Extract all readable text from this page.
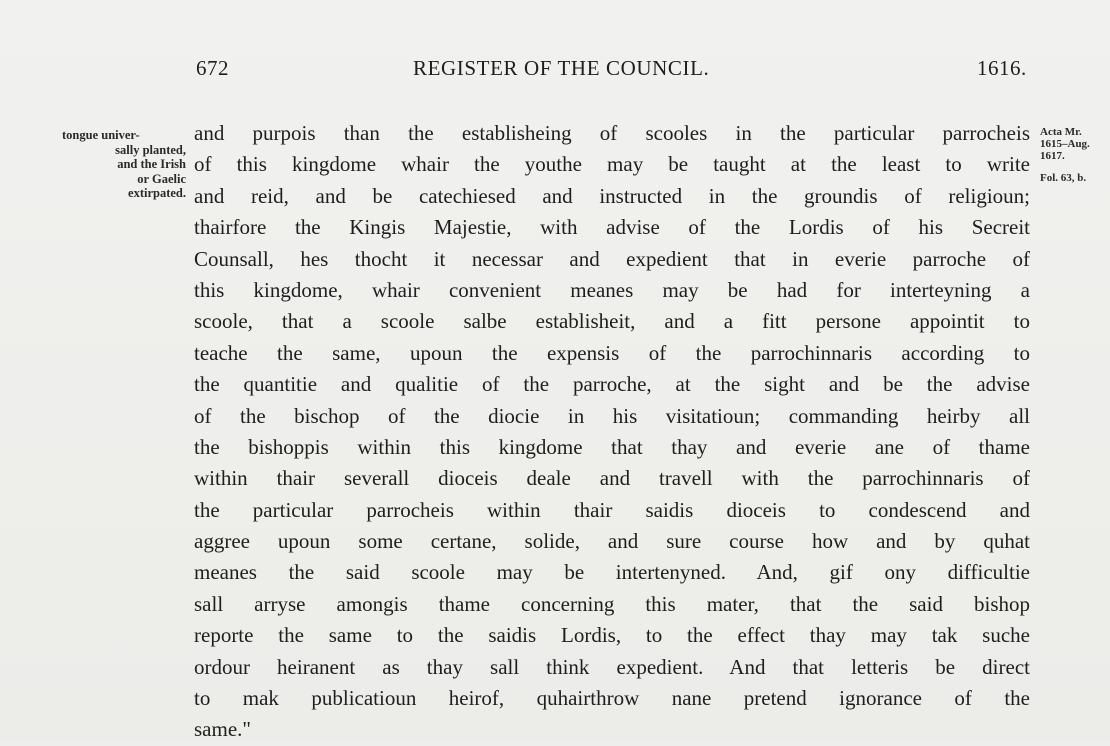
672	REGISTER OF THE COUNCIL.	1616.
tongue univer-
sally planted,
and the Irish
or Gaelic
extirpated.
Acta Mr.
1615–Aug.
1617.
Fol. 63, b.
and purpois than the establisheing of scooles in the particular parrocheis
of this kingdome whair the youthe may be taught at the least to write
and reid, and be catechiesed and instructed in the groundis of religioun;
thairfore the Kingis Majestie, with advise of the Lordis of his Secreit
Counsall, hes thocht it necessar and expedient that in everie parroche of
this kingdome, whair convenient meanes may be had for interteyning a
scoole, that a scoole salbe establisheit, and a fitt persone appointit to
teache the same, upoun the expensis of the parrochinnaris according to
the quantitie and qualitie of the parroche, at the sight and be the advise
of the bischop of the diocie in his visitatioun; commanding heirby all
the bishoppis within this kingdome that thay and everie ane of thame
within thair severall dioceis deale and travell with the parrochinnaris of
the particular parrocheis within thair saidis dioceis to condescend and
aggree upoun some certane, solide, and sure course how and by quhat
meanes the said scoole may be intertenyned. And, gif ony difficultie
sall arryse amongis thame concerning this mater, that the said bishop
reporte the same to the saidis Lordis, to the effect thay may tak suche
ordour heiranent as thay sall think expedient. And that letteris be direct
to mak publicatioun heirof, quhairthrow nane pretend ignorance of the
same."
